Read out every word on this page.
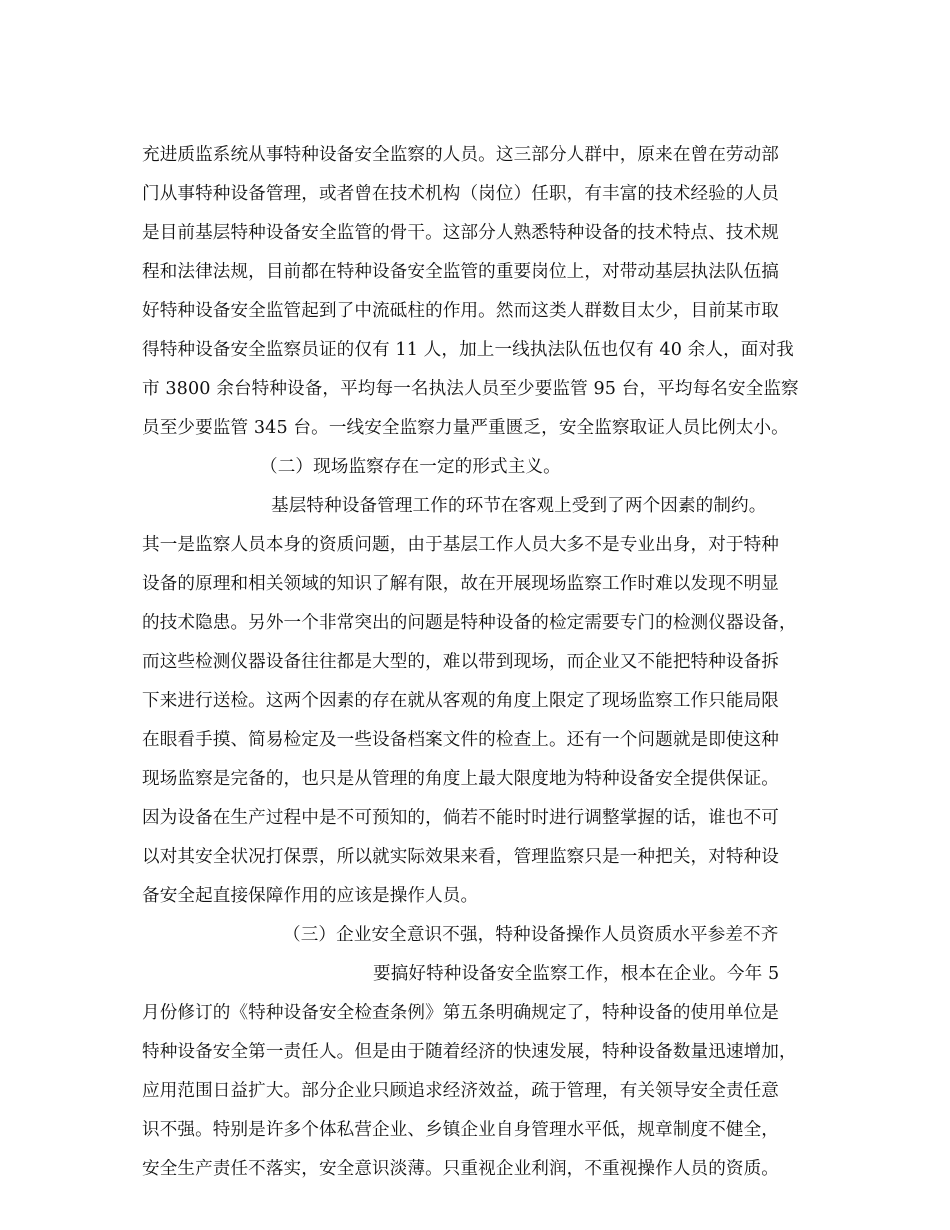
充进质监系统从事特种设备安全监察的人员。这三部分人群中，原来在曾在劳动部
门从事特种设备管理，或者曾在技术机构（岗位）任职，有丰富的技术经验的人员
是目前基层特种设备安全监管的骨干。这部分人熟悉特种设备的技术特点、技术规
程和法律法规，目前都在特种设备安全监管的重要岗位上，对带动基层执法队伍搞
好特种设备安全监管起到了中流砥柱的作用。然而这类人群数目太少，目前某市取
得特种设备安全监察员证的仅有 11 人，加上一线执法队伍也仅有 40 余人，面对我
市 3800 余台特种设备，平均每一名执法人员至少要监管 95 台，平均每名安全监察
员至少要监管 345 台。一线安全监察力量严重匮乏，安全监察取证人员比例太小。
（二）现场监察存在一定的形式主义。
基层特种设备管理工作的环节在客观上受到了两个因素的制约。
其一是监察人员本身的资质问题，由于基层工作人员大多不是专业出身，对于特种
设备的原理和相关领域的知识了解有限，故在开展现场监察工作时难以发现不明显
的技术隐患。另外一个非常突出的问题是特种设备的检定需要专门的检测仪器设备，
而这些检测仪器设备往往都是大型的，难以带到现场，而企业又不能把特种设备拆
下来进行送检。这两个因素的存在就从客观的角度上限定了现场监察工作只能局限
在眼看手摸、简易检定及一些设备档案文件的检查上。还有一个问题就是即使这种
现场监察是完备的，也只是从管理的角度上最大限度地为特种设备安全提供保证。
因为设备在生产过程中是不可预知的，倘若不能时时进行调整掌握的话，谁也不可
以对其安全状况打保票，所以就实际效果来看，管理监察只是一种把关，对特种设
备安全起直接保障作用的应该是操作人员。
（三）企业安全意识不强，特种设备操作人员资质水平参差不齐
要搞好特种设备安全监察工作，根本在企业。今年 5
月份修订的《特种设备安全检查条例》第五条明确规定了，特种设备的使用单位是
特种设备安全第一责任人。但是由于随着经济的快速发展，特种设备数量迅速增加，
应用范围日益扩大。部分企业只顾追求经济效益，疏于管理，有关领导安全责任意
识不强。特别是许多个体私营企业、乡镇企业自身管理水平低，规章制度不健全，
安全生产责任不落实，安全意识淡薄。只重视企业利润，不重视操作人员的资质。
